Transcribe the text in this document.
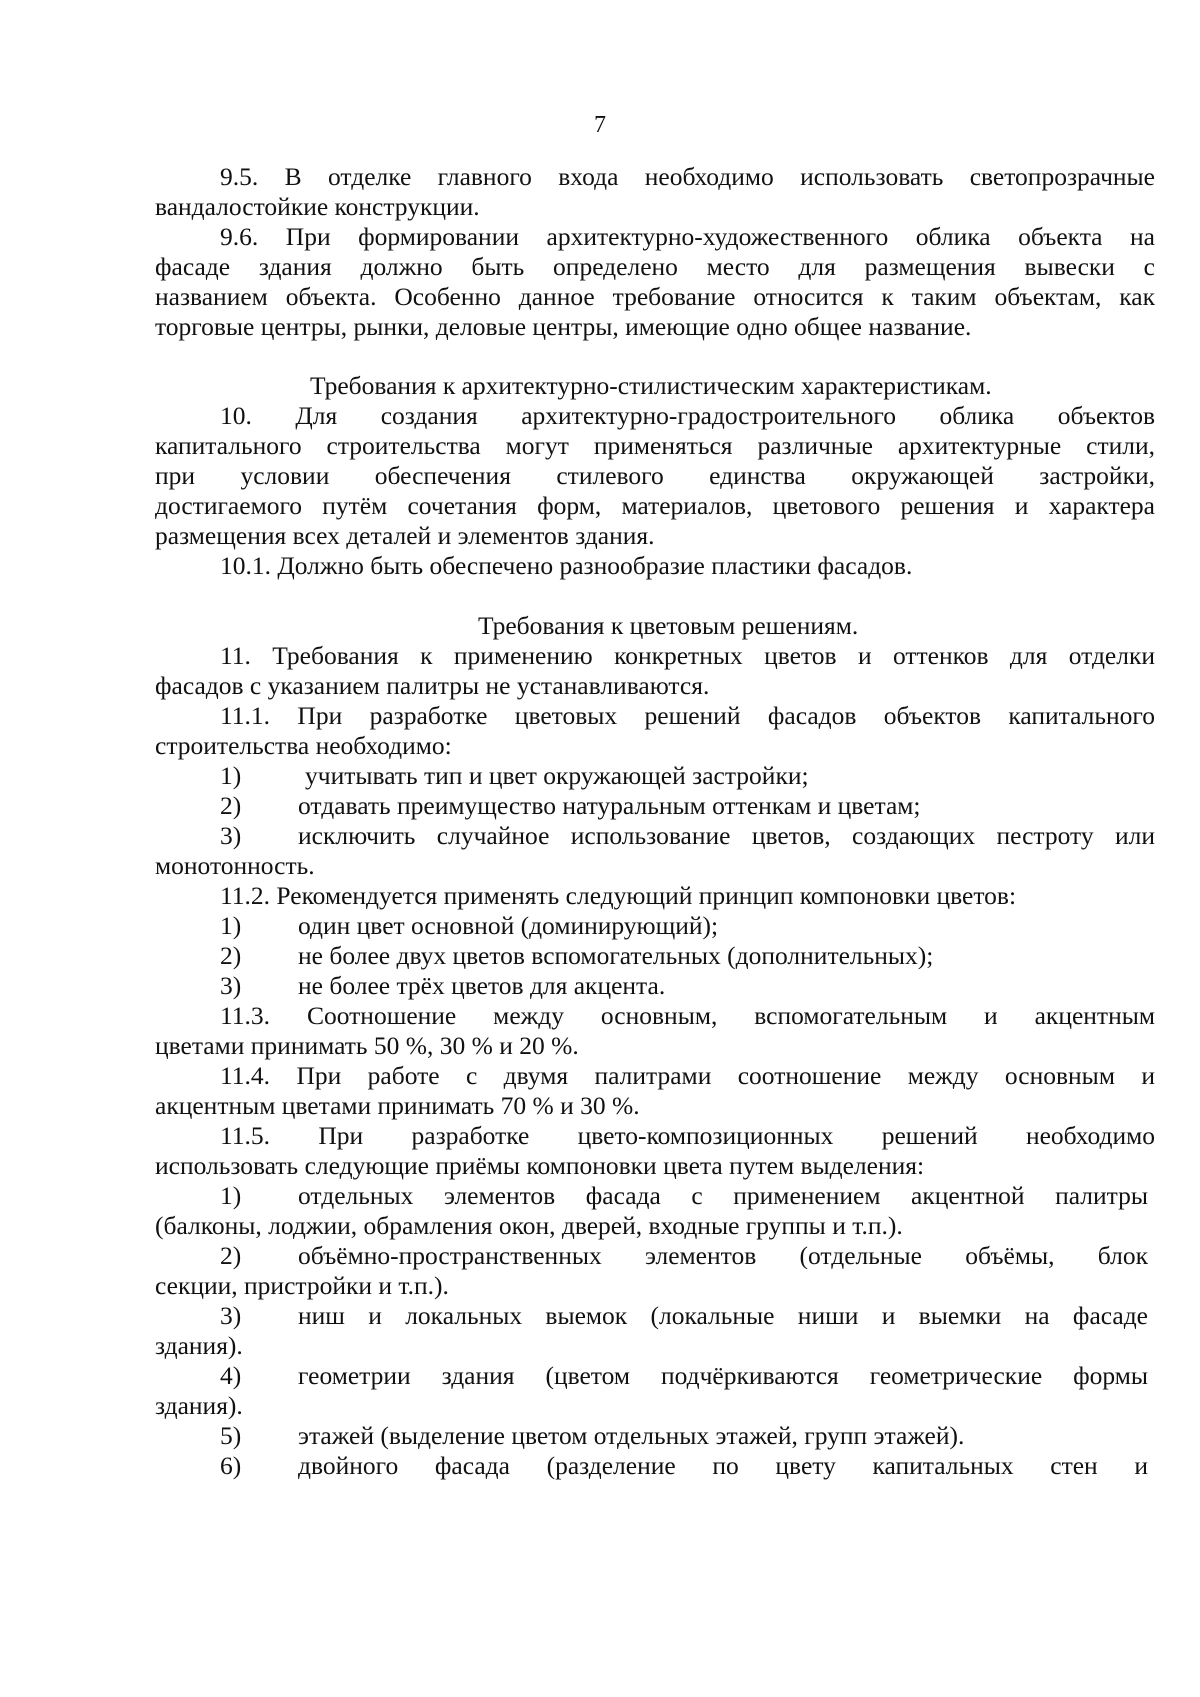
7
9.5. В отделке главного входа необходимо использовать светопрозрачные
вандалостойкие конструкции.
9.6. При формировании архитектурно-художественного облика объекта на
фасаде здания должно быть определено место для размещения вывески с
названием объекта. Особенно данное требование относится к таким объектам, как
торговые центры, рынки, деловые центры, имеющие одно общее название.
Требования к архитектурно-стилистическим характеристикам.
10. Для создания архитектурно-градостроительного облика объектов
капитального строительства могут применяться различные архитектурные стили,
при условии обеспечения стилевого единства окружающей застройки,
достигаемого путём сочетания форм, материалов, цветового решения и характера
размещения всех деталей и элементов здания.
10.1. Должно быть обеспечено разнообразие пластики фасадов.
Требования к цветовым решениям.
11. Требования к применению конкретных цветов и оттенков для отделки
фасадов с указанием палитры не устанавливаются.
11.1. При разработке цветовых решений фасадов объектов капитального
строительства необходимо:
1)	учитывать тип и цвет окружающей застройки;
2) отдавать преимущество натуральным оттенкам и цветам;
3) исключить случайное использование цветов, создающих пестроту или
монотонность.
11.2. Рекомендуется применять следующий принцип компоновки цветов:
1) один цвет основной (доминирующий);
2) не более двух цветов вспомогательных (дополнительных);
3) не более трёх цветов для акцента.
11.3. Соотношение между основным, вспомогательным и акцентным
цветами принимать 50 %, 30 % и 20 %.
11.4. При работе с двумя палитрами соотношение между основным и
акцентным цветами принимать 70 % и 30 %.
11.5. При разработке цвето-композиционных решений необходимо
использовать следующие приёмы компоновки цвета путем выделения:
1) отдельных элементов фасада с применением акцентной палитры
(балконы, лоджии, обрамления окон, дверей, входные группы и т.п.).
2) объёмно-пространственных элементов (отдельные объёмы, блок
секции, пристройки и т.п.).
3) ниш и локальных выемок (локальные ниши и выемки на фасаде
здания).
4) геометрии здания (цветом подчёркиваются геометрические формы
здания).
5) этажей (выделение цветом отдельных этажей, групп этажей).
6) двойного фасада (разделение по цвету капитальных стен и
